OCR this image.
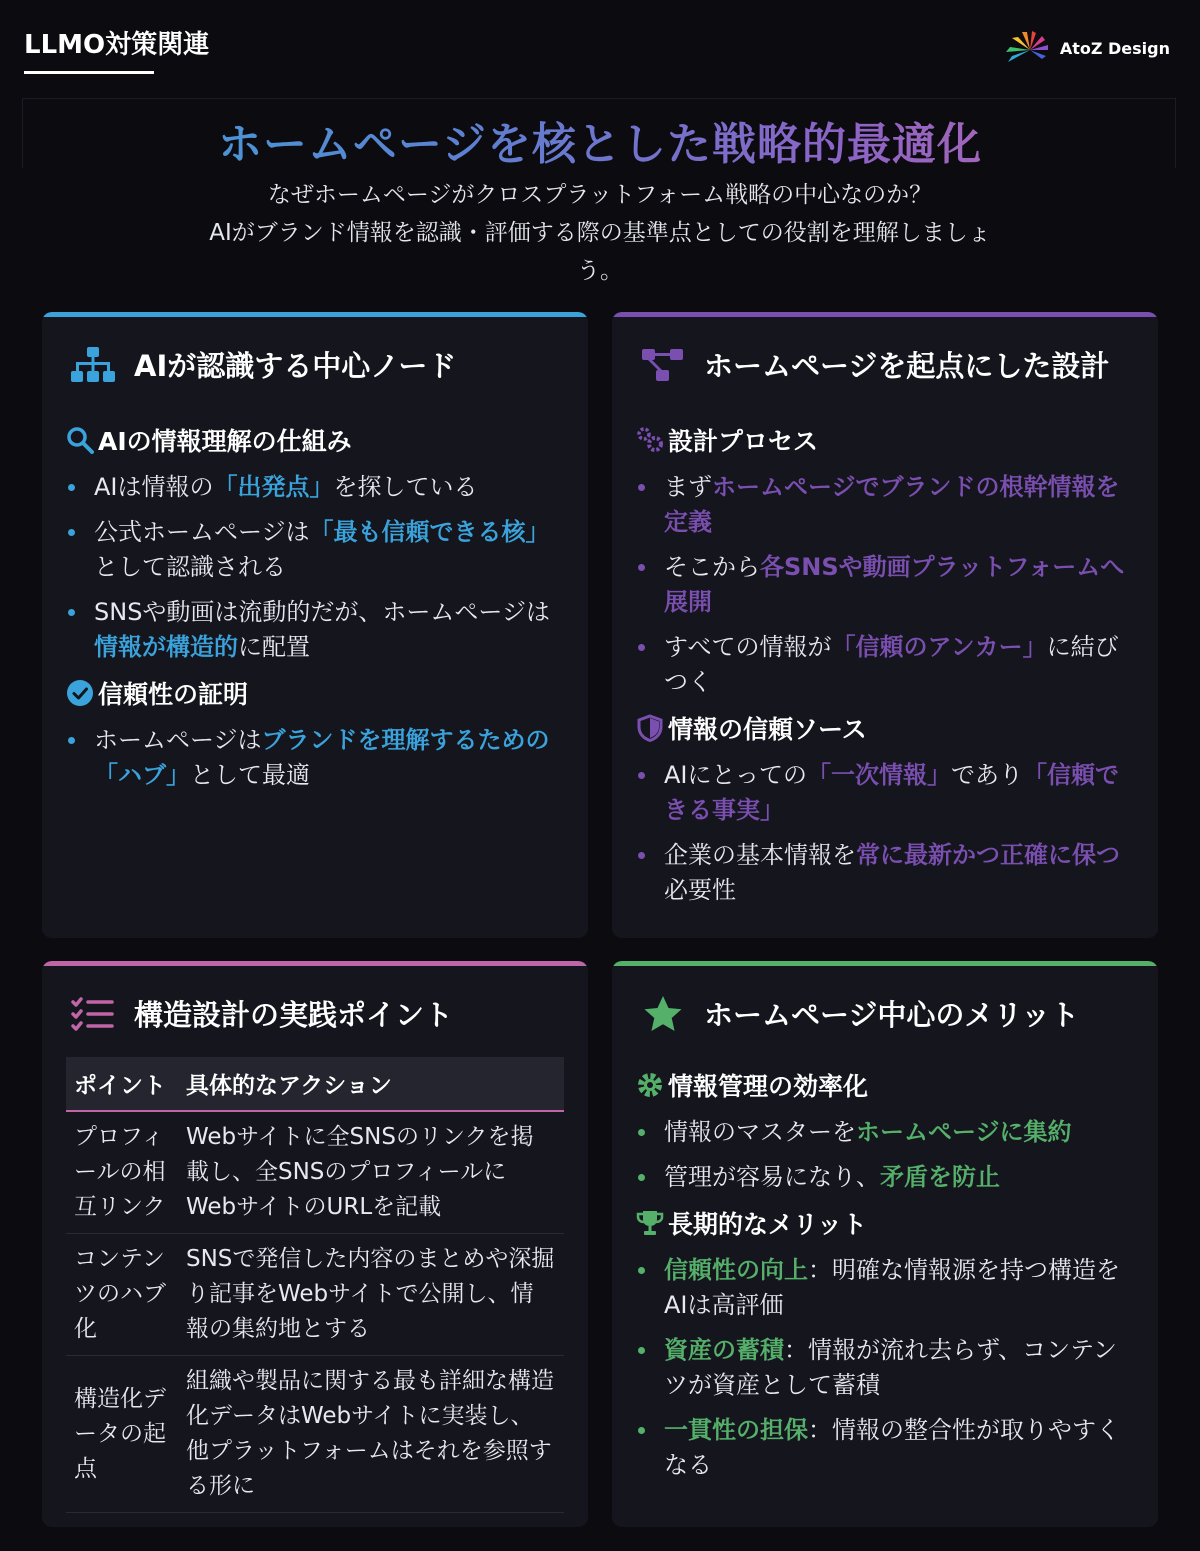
LLMO対策関連	AtoZ Design
ホームページを核とした戦略的最適化
なぜホームページがクロスプラットフォーム戦略の中心なのか？
AIがブランド情報を認識・評価する際の基準点としての役割を理解しましょ
う。
AIが認識する中心ノード
AIの情報理解の仕組み
AIは情報の「出発点」を探している
公式ホームページは「最も信頼できる核」として認識される
SNSや動画は流動的だが、ホームページは情報が構造的に配置
信頼性の証明
ホームページはブランドを理解するための「ハブ」として最適
ホームページを起点にした設計
設計プロセス
まずホームページでブランドの根幹情報を定義
そこから各SNSや動画プラットフォームへ展開
すべての情報が「信頼のアンカー」に結びつく
情報の信頼ソース
AIにとっての「一次情報」であり「信頼できる事実」
企業の基本情報を常に最新かつ正確に保つ必要性
構造設計の実践ポイント
ポイント	具体的なアクション
プロフィールの相互リンク	Webサイトに全SNSのリンクを掲載し、全SNSのプロフィールにWebサイトのURLを記載
コンテンツのハブ化	SNSで発信した内容のまとめや深掘り記事をWebサイトで公開し、情報の集約地とする
構造化データの起点	組織や製品に関する最も詳細な構造化データはWebサイトに実装し、他プラットフォームはそれを参照する形に
ホームページ中心のメリット
情報管理の効率化
情報のマスターをホームページに集約
管理が容易になり、矛盾を防止
長期的なメリット
信頼性の向上：明確な情報源を持つ構造をAIは高評価
資産の蓄積：情報が流れ去らず、コンテンツが資産として蓄積
一貫性の担保：情報の整合性が取りやすくなる
